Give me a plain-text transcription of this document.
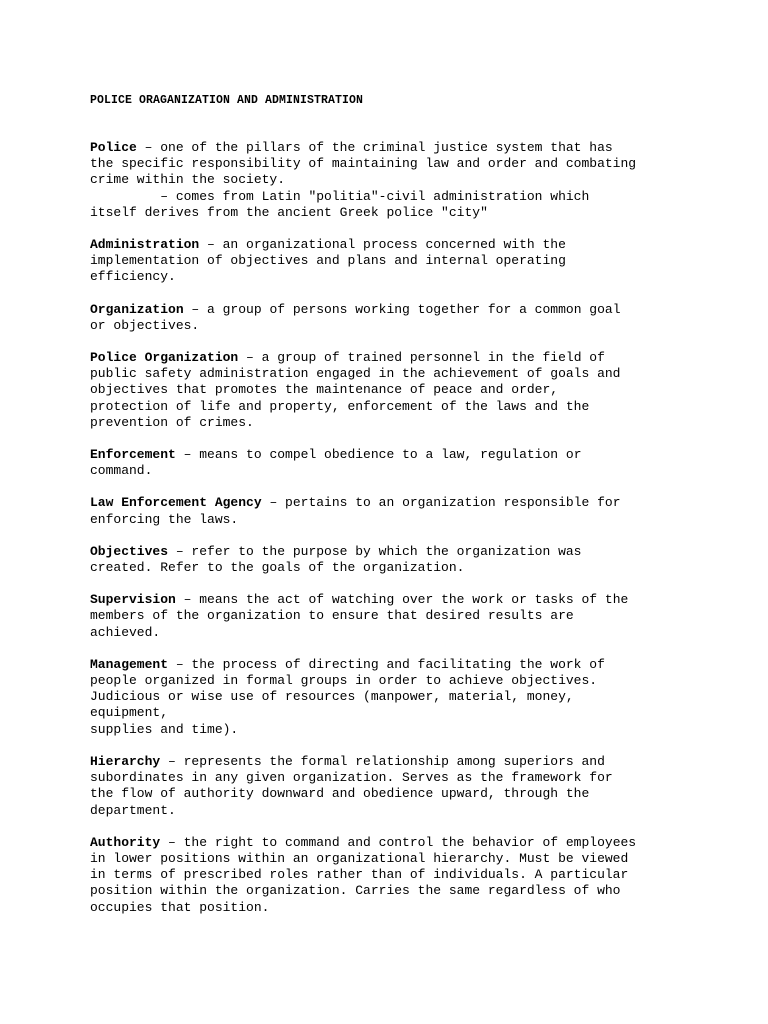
POLICE ORAGANIZATION AND ADMINISTRATION

Police – one of the pillars of the criminal justice system that has
the specific responsibility of maintaining law and order and combating
crime within the society.
– comes from Latin "politia"-civil administration which
itself derives from the ancient Greek police "city"

Administration – an organizational process concerned with the
implementation of objectives and plans and internal operating
efficiency.

Organization – a group of persons working together for a common goal
or objectives.

Police Organization – a group of trained personnel in the field of
public safety administration engaged in the achievement of goals and
objectives that promotes the maintenance of peace and order,
protection of life and property, enforcement of the laws and the
prevention of crimes.

Enforcement – means to compel obedience to a law, regulation or
command.

Law Enforcement Agency – pertains to an organization responsible for
enforcing the laws.

Objectives – refer to the purpose by which the organization was
created. Refer to the goals of the organization.

Supervision – means the act of watching over the work or tasks of the
members of the organization to ensure that desired results are
achieved.

Management – the process of directing and facilitating the work of
people organized in formal groups in order to achieve objectives.
Judicious or wise use of resources (manpower, material, money,
equipment,
supplies and time).

Hierarchy – represents the formal relationship among superiors and
subordinates in any given organization. Serves as the framework for
the flow of authority downward and obedience upward, through the
department.

Authority – the right to command and control the behavior of employees
in lower positions within an organizational hierarchy. Must be viewed
in terms of prescribed roles rather than of individuals. A particular
position within the organization. Carries the same regardless of who
occupies that position.
